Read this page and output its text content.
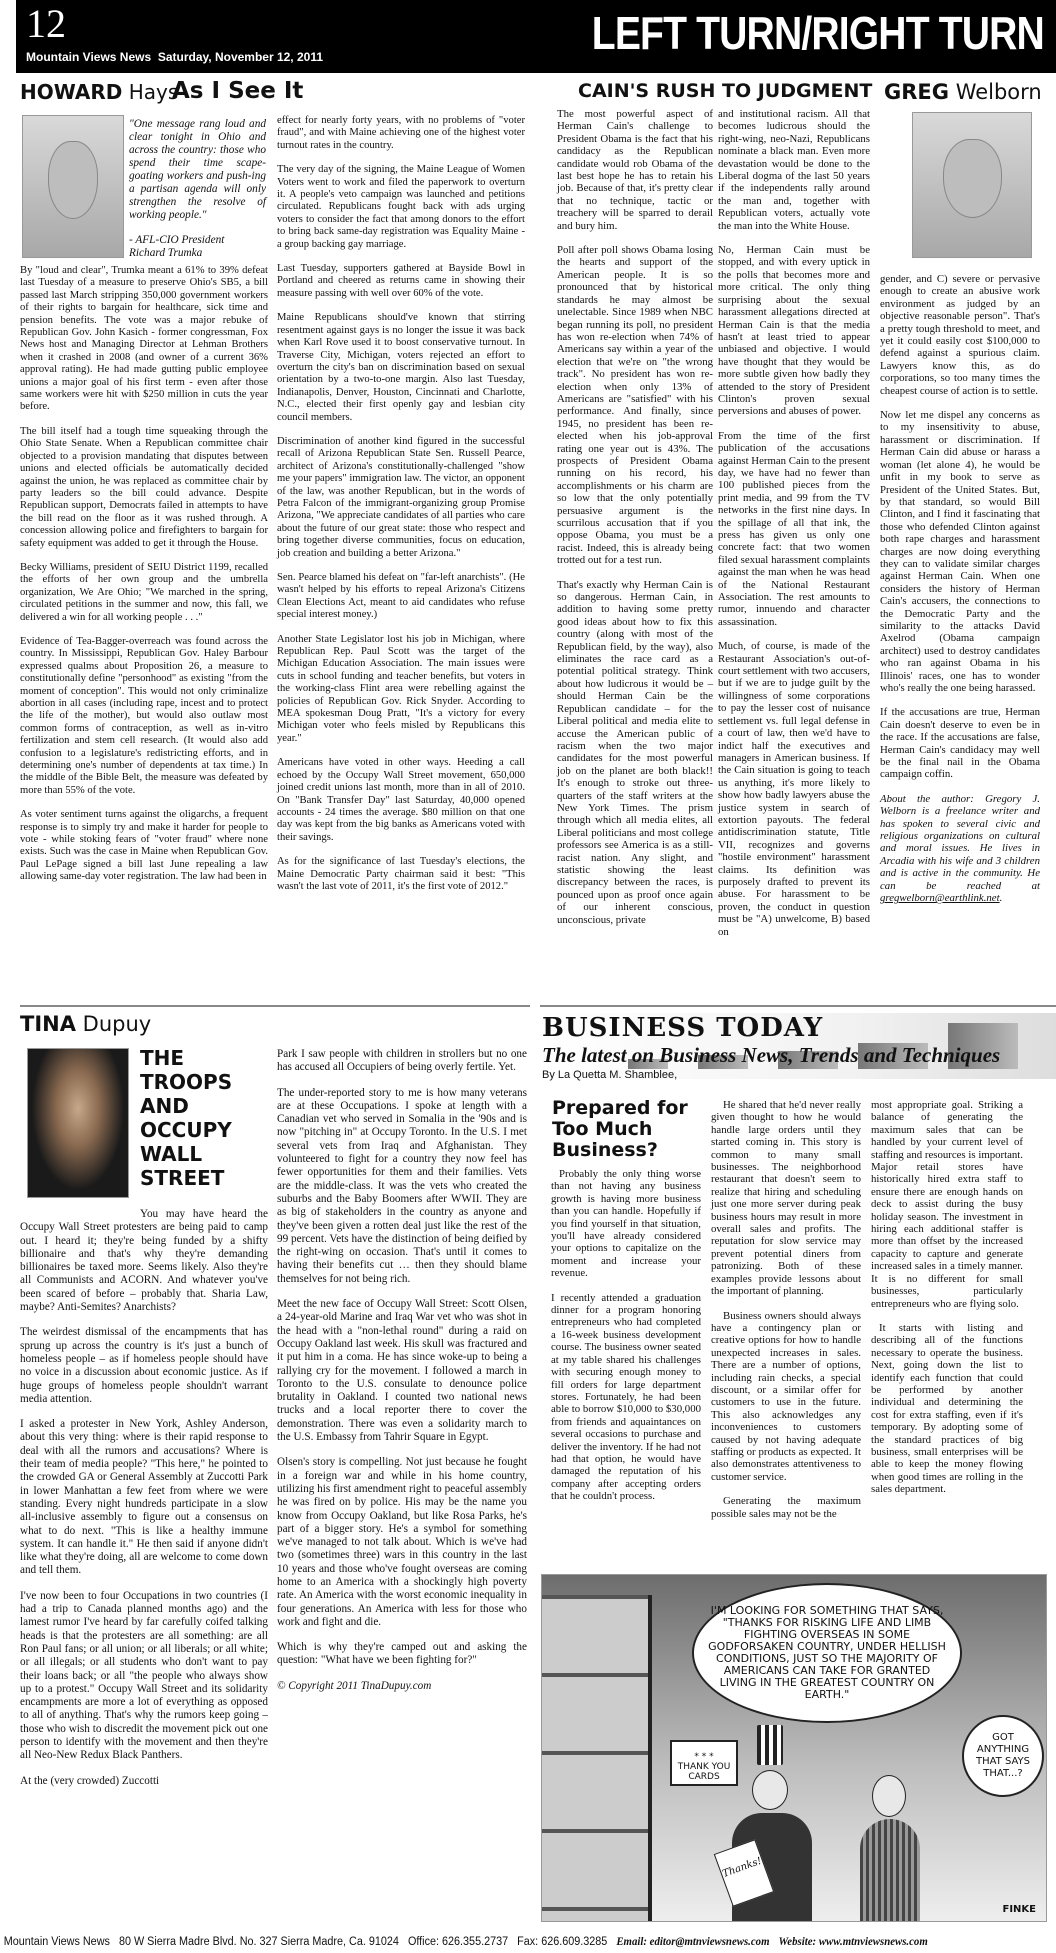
12
Mountain Views News Saturday, November 12, 2011	LEFT TURN/RIGHT TURN
HOWARD Hays
As I See It
"One message rang loud and clear tonight in Ohio and across the country: those who spend their time scape-goating workers and push-ing a partisan agenda will only strengthen the resolve of working people."
- AFL-CIO President
Richard Trumka

By "loud and clear", Trumka meant a 61% to 39% defeat last Tuesday of a measure to preserve Ohio's SB5, a bill passed last March stripping 350,000 government workers of their rights to bargain for healthcare, sick time and pension benefits. The vote was a major rebuke of Republican Gov. John Kasich - former congressman, Fox News host and Managing Director at Lehman Brothers when it crashed in 2008 (and owner of a current 36% approval rating). He had made gutting public employee unions a major goal of his first term - even after those same workers were hit with $250 million in cuts the year before.

The bill itself had a tough time squeaking through the Ohio State Senate. When a Republican committee chair objected to a provision mandating that disputes between unions and elected officials be automatically decided against the union, he was replaced as committee chair by party leaders so the bill could advance. Despite Republican support, Democrats failed in attempts to have the bill read on the floor as it was rushed through. A concession allowing police and firefighters to bargain for safety equipment was added to get it through the House.

Becky Williams, president of SEIU District 1199, recalled the efforts of her own group and the umbrella organization, We Are Ohio; "We marched in the spring, circulated petitions in the summer and now, this fall, we delivered a win for all working people . . ."

Evidence of Tea-Bagger-overreach was found across the country. In Mississippi, Republican Gov. Haley Barbour expressed qualms about Proposition 26, a measure to constitutionally define "personhood" as existing "from the moment of conception". This would not only criminalize abortion in all cases (including rape, incest and to protect the life of the mother), but would also outlaw most common forms of contraception, as well as in-vitro fertilization and stem cell research. (It would also add confusion to a legislature's redistricting efforts, and in determining one's number of dependents at tax time.) In the middle of the Bible Belt, the measure was defeated by more than 55% of the vote.

As voter sentiment turns against the oligarchs, a frequent response is to simply try and make it harder for people to vote - while stoking fears of "voter fraud" where none exists. Such was the case in Maine when Republican Gov. Paul LePage signed a bill last June repealing a law allowing same-day voter registration. The law had been in

effect for nearly forty years, with no problems of "voter fraud", and with Maine achieving one of the highest voter turnout rates in the country.

The very day of the signing, the Maine League of Women Voters went to work and filed the paperwork to overturn it. A people's veto campaign was launched and petitions circulated. Republicans fought back with ads urging voters to consider the fact that among donors to the effort to bring back same-day registration was Equality Maine - a group backing gay marriage.

Last Tuesday, supporters gathered at Bayside Bowl in Portland and cheered as returns came in showing their measure passing with well over 60% of the vote.

Maine Republicans should've known that stirring resentment against gays is no longer the issue it was back when Karl Rove used it to boost conservative turnout. In Traverse City, Michigan, voters rejected an effort to overturn the city's ban on discrimination based on sexual orientation by a two-to-one margin. Also last Tuesday, Indianapolis, Denver, Houston, Cincinnati and Charlotte, N.C., elected their first openly gay and lesbian city council members.

Discrimination of another kind figured in the successful recall of Arizona Republican State Sen. Russell Pearce, architect of Arizona's constitutionally-challenged "show me your papers" immigration law. The victor, an opponent of the law, was another Republican, but in the words of Petra Falcon of the immigrant-organizing group Promise Arizona, "We appreciate candidates of all parties who care about the future of our great state: those who respect and bring together diverse communities, focus on education, job creation and building a better Arizona."

Sen. Pearce blamed his defeat on "far-left anarchists". (He wasn't helped by his efforts to repeal Arizona's Citizens Clean Elections Act, meant to aid candidates who refuse special interest money.)

Another State Legislator lost his job in Michigan, where Republican Rep. Paul Scott was the target of the Michigan Education Association. The main issues were cuts in school funding and teacher benefits, but voters in the working-class Flint area were rebelling against the policies of Republican Gov. Rick Snyder. According to MEA spokesman Doug Pratt, "It's a victory for every Michigan voter who feels misled by Republicans this year."

Americans have voted in other ways. Heeding a call echoed by the Occupy Wall Street movement, 650,000 joined credit unions last month, more than in all of 2010. On "Bank Transfer Day" last Saturday, 40,000 opened accounts - 24 times the average. $80 million on that one day was kept from the big banks as Americans voted with their savings.

As for the significance of last Tuesday's elections, the Maine Democratic Party chairman said it best: "This wasn't the last vote of 2011, it's the first vote of 2012."

CAIN'S RUSH TO JUDGMENT GREG Welborn

The most powerful aspect of Herman Cain's challenge to President Obama is the fact that his candidacy as the Republican candidate would rob Obama of the last best hope he has to retain his job. Because of that, it's pretty clear that no technique, tactic or treachery will be sparred to derail and bury him.

Poll after poll shows Obama losing the hearts and support of the American people. It is so pronounced that by historical standards he may almost be unelectable. Since 1989 when NBC began running its poll, no president has won re-election when 74% of Americans say within a year of the election that we're on "the wrong track". No president has won re-election when only 13% of Americans are "satisfied" with his performance. And finally, since 1945, no president has been re-elected when his job-approval rating one year out is 43%. The prospects of President Obama running on his record, his accomplishments or his charm are so low that the only potentially persuasive argument is the scurrilous accusation that if you oppose Obama, you must be a racist. Indeed, this is already being trotted out for a test run.

That's exactly why Herman Cain is so dangerous. Herman Cain, in addition to having some pretty good ideas about how to fix this country (along with most of the Republican field, by the way), also eliminates the race card as a potential political strategy. Think about how ludicrous it would be – should Herman Cain be the Republican candidate – for the Liberal political and media elite to accuse the American public of racism when the two major candidates for the most powerful job on the planet are both black!! It's enough to stroke out three-quarters of the staff writers at the New York Times. The prism through which all media elites, all Liberal politicians and most college professors see America is as a still-racist nation. Any slight, and statistic showing the least discrepancy between the races, is pounced upon as proof once again of our inherent conscious, unconscious, private

and institutional racism. All that becomes ludicrous should the right-wing, neo-Nazi, Republicans nominate a black man. Even more devastation would be done to the Liberal dogma of the last 50 years if the independents rally around the man and, together with Republican voters, actually vote the man into the White House.

No, Herman Cain must be stopped, and with every uptick in the polls that becomes more and more critical. The only thing surprising about the sexual harassment allegations directed at Herman Cain is that the media hasn't at least tried to appear unbiased and objective. I would have thought that they would be more subtle given how badly they attended to the story of President Clinton's proven sexual perversions and abuses of power.

From the time of the first publication of the accusations against Herman Cain to the present day, we have had no fewer than 100 published pieces from the print media, and 99 from the TV networks in the first nine days. In the spillage of all that ink, the press has given us only one concrete fact: that two women filed sexual harassment complaints against the man when he was head of the National Restaurant Association. The rest amounts to rumor, innuendo and character assassination.

Much, of course, is made of the Restaurant Association's out-of-court settlement with two accusers, but if we are to judge guilt by the willingness of some corporations to pay the lesser cost of nuisance settlement vs. full legal defense in a court of law, then we'd have to indict half the executives and managers in American business. If the Cain situation is going to teach us anything, it's more likely to show how badly lawyers abuse the justice system in search of extortion payouts. The federal antidiscrimination statute, Title VII, recognizes and governs "hostile environment" harassment claims. Its definition was purposely drafted to prevent its abuse. For harassment to be proven, the conduct in question must be "A) unwelcome, B) based on

gender, and C) severe or pervasive enough to create an abusive work environment as judged by an objective reasonable person". That's a pretty tough threshold to meet, and yet it could easily cost $100,000 to defend against a spurious claim. Lawyers know this, as do corporations, so too many times the cheapest course of action is to settle.

Now let me dispel any concerns as to my insensitivity to abuse, harassment or discrimination. If Herman Cain did abuse or harass a woman (let alone 4), he would be unfit in my book to serve as President of the United States. But, by that standard, so would Bill Clinton, and I find it fascinating that those who defended Clinton against both rape charges and harassment charges are now doing everything they can to validate similar charges against Herman Cain. When one considers the history of Herman Cain's accusers, the connections to the Democratic Party and the similarity to the attacks David Axelrod (Obama campaign architect) used to destroy candidates who ran against Obama in his Illinois' races, one has to wonder who's really the one being harassed.

If the accusations are true, Herman Cain doesn't deserve to even be in the race. If the accusations are false, Herman Cain's candidacy may well be the final nail in the Obama campaign coffin.

About the author: Gregory J. Welborn is a freelance writer and has spoken to several civic and religious organizations on cultural and moral issues. He lives in Arcadia with his wife and 3 children and is active in the community. He can be reached at gregwelborn@earthlink.net.

TINA Dupuy
THE
TROOPS
AND
OCCUPY
WALL
STREET

You may have heard the Occupy Wall Street protesters are being paid to camp out. I heard it; they're being funded by a shifty billionaire and that's why they're demanding billionaires be taxed more. Seems likely. Also they're all Communists and ACORN. And whatever you've been scared of before – probably that. Sharia Law, maybe? Anti-Semites? Anarchists?

The weirdest dismissal of the encampments that has sprung up across the country is it's just a bunch of homeless people – as if homeless people should have no voice in a discussion about economic justice. As if huge groups of homeless people shouldn't warrant media attention.

I asked a protester in New York, Ashley Anderson, about this very thing: where is their rapid response to deal with all the rumors and accusations? Where is their team of media people? "This here," he pointed to the crowded GA or General Assembly at Zuccotti Park in lower Manhattan a few feet from where we were standing. Every night hundreds participate in a slow all-inclusive assembly to figure out a consensus on what to do next. "This is like a healthy immune system. It can handle it." He then said if anyone didn't like what they're doing, all are welcome to come down and tell them.

I've now been to four Occupations in two countries (I had a trip to Canada planned months ago) and the lamest rumor I've heard by far carefully coifed talking heads is that the protesters are all something: are all Ron Paul fans; or all union; or all liberals; or all white; or all illegals; or all students who don't want to pay their loans back; or all "the people who always show up to a protest." Occupy Wall Street and its solidarity encampments are more a lot of everything as opposed to all of anything. That's why the rumors keep going – those who wish to discredit the movement pick out one person to identify with the movement and then they're all Neo-New Redux Black Panthers.

At the (very crowded) Zuccotti

Park I saw people with children in strollers but no one has accused all Occupiers of being overly fertile. Yet.

The under-reported story to me is how many veterans are at these Occupations. I spoke at length with a Canadian vet who served in Somalia in the '90s and is now "pitching in" at Occupy Toronto. In the U.S. I met several vets from Iraq and Afghanistan. They volunteered to fight for a country they now feel has fewer opportunities for them and their families. Vets are the middle-class. It was the vets who created the suburbs and the Baby Boomers after WWII. They are as big of stakeholders in the country as anyone and they've been given a rotten deal just like the rest of the 99 percent. Vets have the distinction of being deified by the right-wing on occasion. That's until it comes to having their benefits cut … then they should blame themselves for not being rich.

Meet the new face of Occupy Wall Street: Scott Olsen, a 24-year-old Marine and Iraq War vet who was shot in the head with a "non-lethal round" during a raid on Occupy Oakland last week. His skull was fractured and it put him in a coma. He has since woke-up to being a rallying cry for the movement. I followed a march in Toronto to the U.S. consulate to denounce police brutality in Oakland. I counted two national news trucks and a local reporter there to cover the demonstration. There was even a solidarity march to the U.S. Embassy from Tahrir Square in Egypt.

Olsen's story is compelling. Not just because he fought in a foreign war and while in his home country, utilizing his first amendment right to peaceful assembly he was fired on by police. His may be the name you know from Occupy Oakland, but like Rosa Parks, he's part of a bigger story. He's a symbol for something we've managed to not talk about. Which is we've had two (sometimes three) wars in this country in the last 10 years and those who've fought overseas are coming home to an America with a shockingly high poverty rate. An America with the worst economic inequality in four generations. An America with less for those who work and fight and die.

Which is why they're camped out and asking the question: "What have we been fighting for?"

© Copyright 2011 TinaDupuy.com

BUSINESS TODAY
The latest on Business News, Trends and Techniques
By La Quetta M. Shamblee,
Prepared for
Too Much
Business?

Probably the only thing worse than not having any business growth is having more business than you can handle. Hopefully if you find yourself in that situation, you'll have already considered your options to capitalize on the moment and increase your revenue.

I recently attended a graduation dinner for a program honoring entrepreneurs who had completed a 16-week business development course. The business owner seated at my table shared his challenges with securing enough money to fill orders for large department stores. Fortunately, he had been able to borrow $10,000 to $30,000 from friends and aquaintances on several occasions to purchase and deliver the inventory. If he had not had that option, he would have damaged the reputation of his company after accepting orders that he couldn't process.

He shared that he'd never really given thought to how he would handle large orders until they started coming in. This story is common to many small businesses. The neighborhood restaurant that doesn't seem to realize that hiring and scheduling just one more server during peak business hours may result in more overall sales and profits. The reputation for slow service may prevent potential diners from patronizing. Both of these examples provide lessons about the important of planning.

Business owners should always have a contingency plan or creative options for how to handle unexpected increases in sales. There are a number of options, including rain checks, a special discount, or a similar offer for customers to use in the future. This also acknowledges any inconveniences to customers caused by not having adequate staffing or products as expected. It also demonstrates attentiveness to customer service.

Generating the maximum possible sales may not be the

most appropriate goal. Striking a balance of generating the maximum sales that can be handled by your current level of staffing and resources is important. Major retail stores have historically hired extra staff to ensure there are enough hands on deck to assist during the busy holiday season. The investment in hiring each additional staffer is more than offset by the increased capacity to capture and generate increased sales in a timely manner. It is no different for small businesses, particularly entrepreneurs who are flying solo.

It starts with listing and describing all of the functions necessary to operate the business. Next, going down the list to identify each function that could be performed by another individual and determining the cost for extra staffing, even if it's temporary. By adopting some of the standard practices of big business, small enterprises will be able to keep the money flowing when good times are rolling in the sales department.

* * *
THANK YOU CARDS
I'M LOOKING FOR SOMETHING THAT SAYS, "THANKS FOR RISKING LIFE AND LIMB FIGHTING OVERSEAS IN SOME GODFORSAKEN COUNTRY, UNDER HELLISH CONDITIONS, JUST SO THE MAJORITY OF AMERICANS CAN TAKE FOR GRANTED LIVING IN THE GREATEST COUNTRY ON EARTH."
GOT ANYTHING THAT SAYS THAT...?
Thanks!
FINKE
Mountain Views News 80 W Sierra Madre Blvd. No. 327 Sierra Madre, Ca. 91024 Office: 626.355.2737 Fax: 626.609.3285 Email: editor@mtnviewsnews.com Website: www.mtnviewsnews.com
